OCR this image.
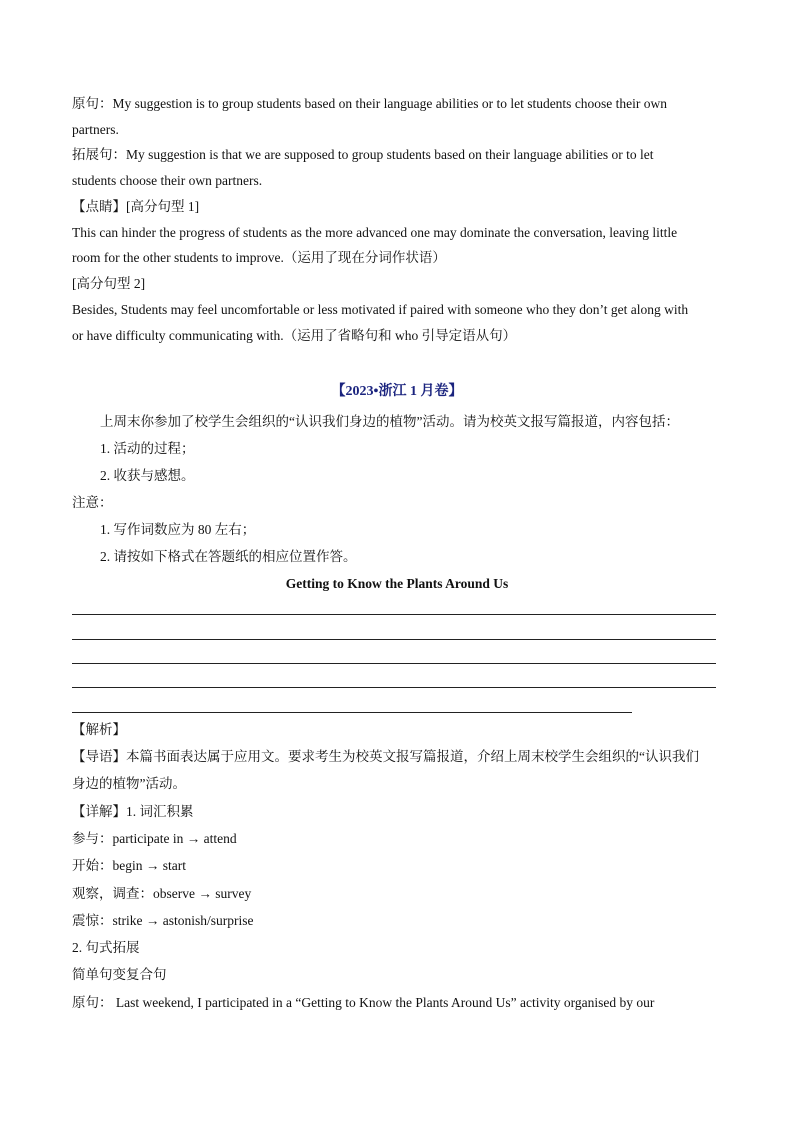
原句：My suggestion is to group students based on their language abilities or to let students choose their own
partners.
拓展句：My suggestion is that we are supposed to group students based on their language abilities or to let
students choose their own partners.
【点睛】[高分句型 1]
This can hinder the progress of students as the more advanced one may dominate the conversation, leaving little
room for the other students to improve.（运用了现在分词作状语）
[高分句型 2]
Besides, Students may feel uncomfortable or less motivated if paired with someone who they don’t get along with
or have difficulty communicating with.（运用了省略句和 who 引导定语从句）
【2023•浙江 1 月卷】
上周末你参加了校学生会组织的“认识我们身边的植物”活动。请为校英文报写篇报道，内容包括：
1. 活动的过程；
2. 收获与感想。
注意：
1. 写作词数应为 80 左右；
2. 请按如下格式在答题纸的相应位置作答。
Getting to Know the Plants Around Us
【解析】
【导语】本篇书面表达属于应用文。要求考生为校英文报写篇报道，介绍上周末校学生会组织的“认识我们
身边的植物”活动。
【详解】1. 词汇积累
参与：participate in → attend
开始：begin → start
观察，调查：observe → survey
震惊：strike → astonish/surprise
2. 句式拓展
简单句变复合句
原句： Last weekend, I participated in a “Getting to Know the Plants Around Us” activity organised by our
